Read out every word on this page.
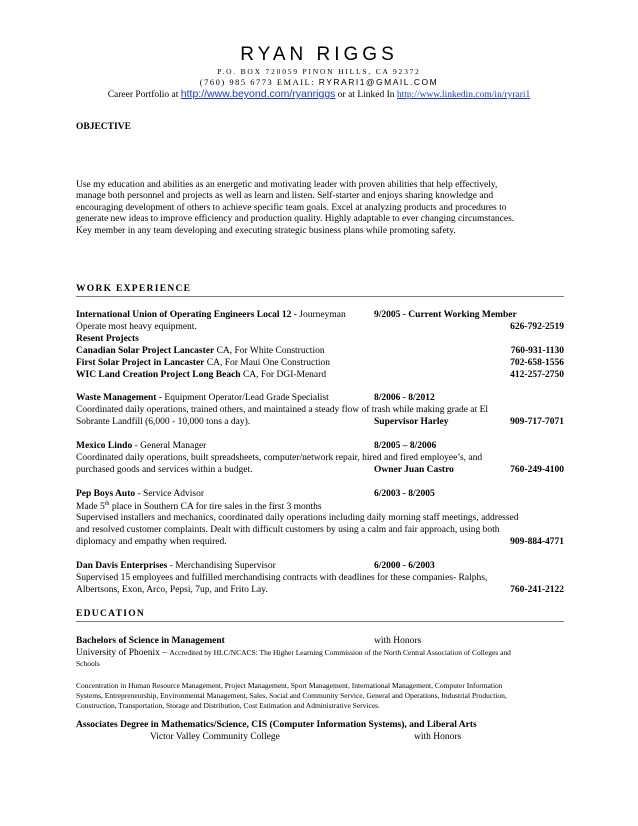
RYAN RIGGS
P.O. BOX 720059 PINON HILLS, CA 92372
(760) 985 6773 EMAIL: RYRARI1@GMAIL.COM
Career Portfolio at http://www.beyond.com/ryanriggs or at Linked In http://www.linkedin.com/in/ryrari1
OBJECTIVE
Use my education and abilities as an energetic and motivating leader with proven abilities that help effectively,
manage both personnel and projects as well as learn and listen. Self-starter and enjoys sharing knowledge and
encouraging development of others to achieve specific team goals. Excel at analyzing products and procedures to
generate new ideas to improve efficiency and production quality. Highly adaptable to ever changing circumstances.
Key member in any team developing and executing strategic business plans while promoting safety.
WORK EXPERIENCE
International Union of Operating Engineers Local 12 - Journeyman	9/2005 - Current Working Member
Operate most heavy equipment.	626-792-2519
Resent Projects
Canadian Solar Project Lancaster CA, For White Construction	760-931-1130
First Solar Project in Lancaster CA, For Maui One Construction	702-658-1556
WIC Land Creation Project Long Beach CA, For DGI-Menard	412-257-2750
Waste Management - Equipment Operator/Lead Grade Specialist	8/2006 - 8/2012
Coordinated daily operations, trained others, and maintained a steady flow of trash while making grade at El
Sobrante Landfill (6,000 - 10,000 tons a day).	Supervisor Harley	909-717-7071
Mexico Lindo - General Manager	8/2005 – 8/2006
Coordinated daily operations, built spreadsheets, computer/network repair, hired and fired employee’s, and
purchased goods and services within a budget.	Owner Juan Castro	760-249-4100
Pep Boys Auto - Service Advisor	6/2003 - 8/2005
Made 5th place in Southern CA for tire sales in the first 3 months
Supervised installers and mechanics, coordinated daily operations including daily morning staff meetings, addressed
and resolved customer complaints. Dealt with difficult customers by using a calm and fair approach, using both
diplomacy and empathy when required.	909-884-4771
Dan Davis Enterprises - Merchandising Supervisor	6/2000 - 6/2003
Supervised 15 employees and fulfilled merchandising contracts with deadlines for these companies- Ralphs,
Albertsons, Exon, Arco, Pepsi, 7up, and Frito Lay.	760-241-2122
EDUCATION
Bachelors of Science in Management	with Honors
University of Phoenix – Accredited by HLC/NCACS: The Higher Learning Commission of the North Central Association of Colleges and
Schools
Concentration in Human Resource Management, Project Management, Sport Management, International Management, Computer Information
Systems, Entrepreneurship, Environmental Management, Sales, Social and Community Service, General and Operations, Industrial Production,
Construction, Transportation, Storage and Distribution, Cost Estimation and Administrative Services.
Associates Degree in Mathematics/Science, CIS (Computer Information Systems), and Liberal Arts
Victor Valley Community College	with Honors
